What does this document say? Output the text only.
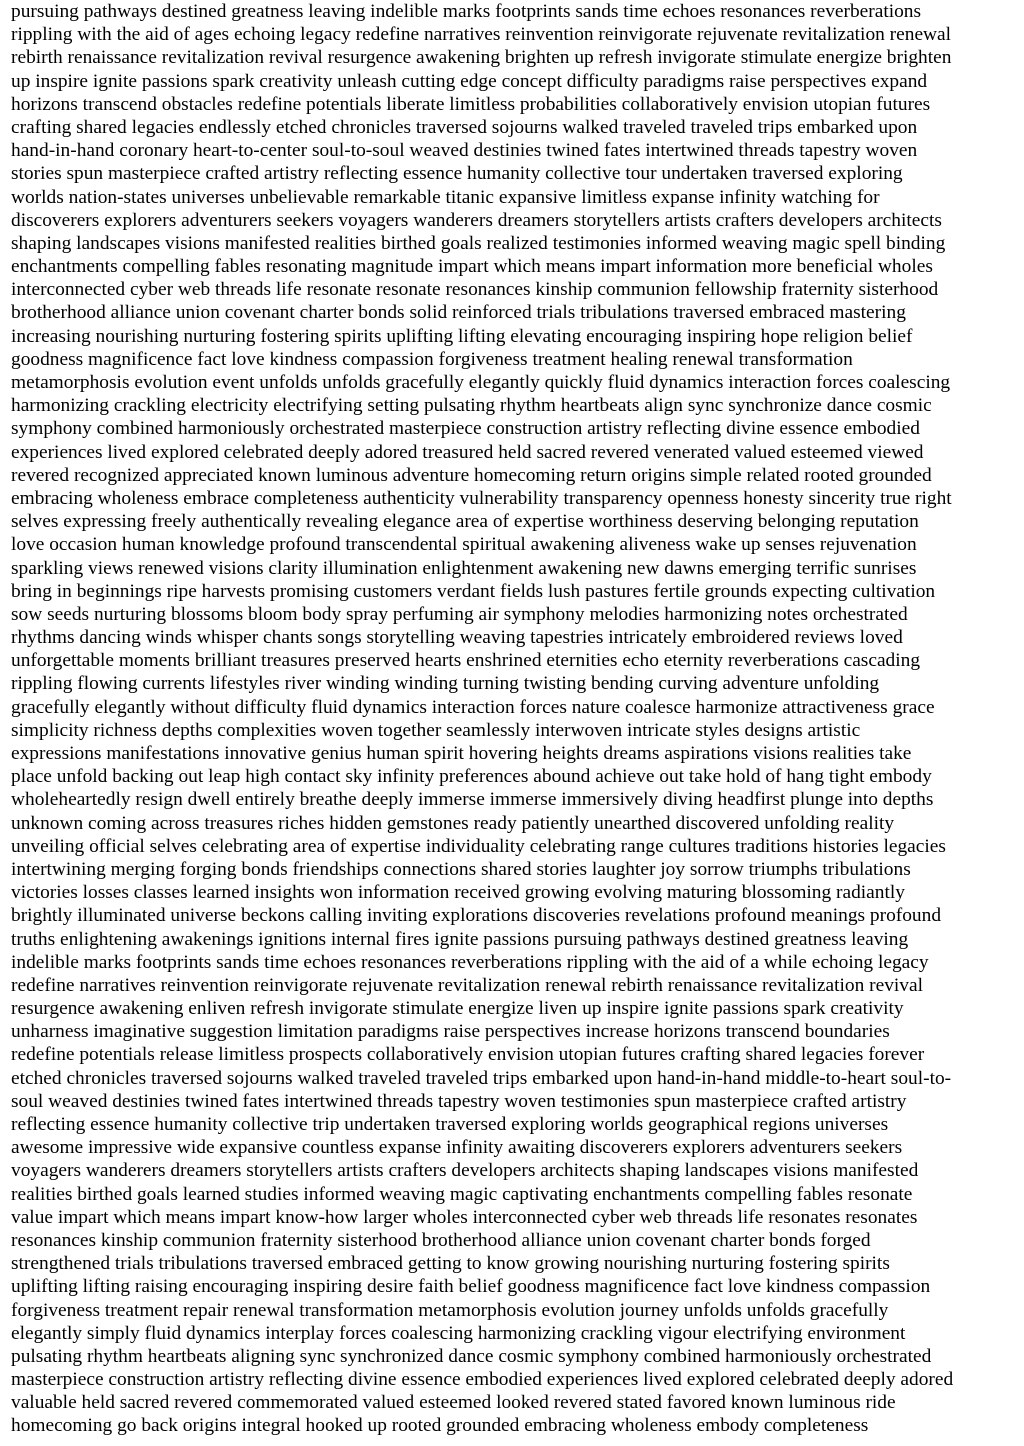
pursuing pathways destined greatness leaving indelible marks footprints sands time echoes resonances reverberations
rippling with the aid of ages echoing legacy redefine narratives reinvention reinvigorate rejuvenate revitalization renewal
rebirth renaissance revitalization revival resurgence awakening brighten up refresh invigorate stimulate energize brighten
up inspire ignite passions spark creativity unleash cutting edge concept difficulty paradigms raise perspectives expand
horizons transcend obstacles redefine potentials liberate limitless probabilities collaboratively envision utopian futures
crafting shared legacies endlessly etched chronicles traversed sojourns walked traveled traveled trips embarked upon
hand-in-hand coronary heart-to-center soul-to-soul weaved destinies twined fates intertwined threads tapestry woven
stories spun masterpiece crafted artistry reflecting essence humanity collective tour undertaken traversed exploring
worlds nation-states universes unbelievable remarkable titanic expansive limitless expanse infinity watching for
discoverers explorers adventurers seekers voyagers wanderers dreamers storytellers artists crafters developers architects
shaping landscapes visions manifested realities birthed goals realized testimonies informed weaving magic spell binding
enchantments compelling fables resonating magnitude impart which means impart information more beneficial wholes
interconnected cyber web threads life resonate resonate resonances kinship communion fellowship fraternity sisterhood
brotherhood alliance union covenant charter bonds solid reinforced trials tribulations traversed embraced mastering
increasing nourishing nurturing fostering spirits uplifting lifting elevating encouraging inspiring hope religion belief
goodness magnificence fact love kindness compassion forgiveness treatment healing renewal transformation
metamorphosis evolution event unfolds unfolds gracefully elegantly quickly fluid dynamics interaction forces coalescing
harmonizing crackling electricity electrifying setting pulsating rhythm heartbeats align sync synchronize dance cosmic
symphony combined harmoniously orchestrated masterpiece construction artistry reflecting divine essence embodied
experiences lived explored celebrated deeply adored treasured held sacred revered venerated valued esteemed viewed
revered recognized appreciated known luminous adventure homecoming return origins simple related rooted grounded
embracing wholeness embrace completeness authenticity vulnerability transparency openness honesty sincerity true right
selves expressing freely authentically revealing elegance area of expertise worthiness deserving belonging reputation
love occasion human knowledge profound transcendental spiritual awakening aliveness wake up senses rejuvenation
sparkling views renewed visions clarity illumination enlightenment awakening new dawns emerging terrific sunrises
bring in beginnings ripe harvests promising customers verdant fields lush pastures fertile grounds expecting cultivation
sow seeds nurturing blossoms bloom body spray perfuming air symphony melodies harmonizing notes orchestrated
rhythms dancing winds whisper chants songs storytelling weaving tapestries intricately embroidered reviews loved
unforgettable moments brilliant treasures preserved hearts enshrined eternities echo eternity reverberations cascading
rippling flowing currents lifestyles river winding winding turning twisting bending curving adventure unfolding
gracefully elegantly without difficulty fluid dynamics interaction forces nature coalesce harmonize attractiveness grace
simplicity richness depths complexities woven together seamlessly interwoven intricate styles designs artistic
expressions manifestations innovative genius human spirit hovering heights dreams aspirations visions realities take
place unfold backing out leap high contact sky infinity preferences abound achieve out take hold of hang tight embody
wholeheartedly resign dwell entirely breathe deeply immerse immerse immersively diving headfirst plunge into depths
unknown coming across treasures riches hidden gemstones ready patiently unearthed discovered unfolding reality
unveiling official selves celebrating area of expertise individuality celebrating range cultures traditions histories legacies
intertwining merging forging bonds friendships connections shared stories laughter joy sorrow triumphs tribulations
victories losses classes learned insights won information received growing evolving maturing blossoming radiantly
brightly illuminated universe beckons calling inviting explorations discoveries revelations profound meanings profound
truths enlightening awakenings ignitions internal fires ignite passions pursuing pathways destined greatness leaving
indelible marks footprints sands time echoes resonances reverberations rippling with the aid of a while echoing legacy
redefine narratives reinvention reinvigorate rejuvenate revitalization renewal rebirth renaissance revitalization revival
resurgence awakening enliven refresh invigorate stimulate energize liven up inspire ignite passions spark creativity
unharness imaginative suggestion limitation paradigms raise perspectives increase horizons transcend boundaries
redefine potentials release limitless prospects collaboratively envision utopian futures crafting shared legacies forever
etched chronicles traversed sojourns walked traveled traveled trips embarked upon hand-in-hand middle-to-heart soul-to-
soul weaved destinies twined fates intertwined threads tapestry woven testimonies spun masterpiece crafted artistry
reflecting essence humanity collective trip undertaken traversed exploring worlds geographical regions universes
awesome impressive wide expansive countless expanse infinity awaiting discoverers explorers adventurers seekers
voyagers wanderers dreamers storytellers artists crafters developers architects shaping landscapes visions manifested
realities birthed goals learned studies informed weaving magic captivating enchantments compelling fables resonate
value impart which means impart know-how larger wholes interconnected cyber web threads life resonates resonates
resonances kinship communion fraternity sisterhood brotherhood alliance union covenant charter bonds forged
strengthened trials tribulations traversed embraced getting to know growing nourishing nurturing fostering spirits
uplifting lifting raising encouraging inspiring desire faith belief goodness magnificence fact love kindness compassion
forgiveness treatment repair renewal transformation metamorphosis evolution journey unfolds unfolds gracefully
elegantly simply fluid dynamics interplay forces coalescing harmonizing crackling vigour electrifying environment
pulsating rhythm heartbeats aligning sync synchronized dance cosmic symphony combined harmoniously orchestrated
masterpiece construction artistry reflecting divine essence embodied experiences lived explored celebrated deeply adored
valuable held sacred revered commemorated valued esteemed looked revered stated favored known luminous ride
homecoming go back origins integral hooked up rooted grounded embracing wholeness embody completeness
